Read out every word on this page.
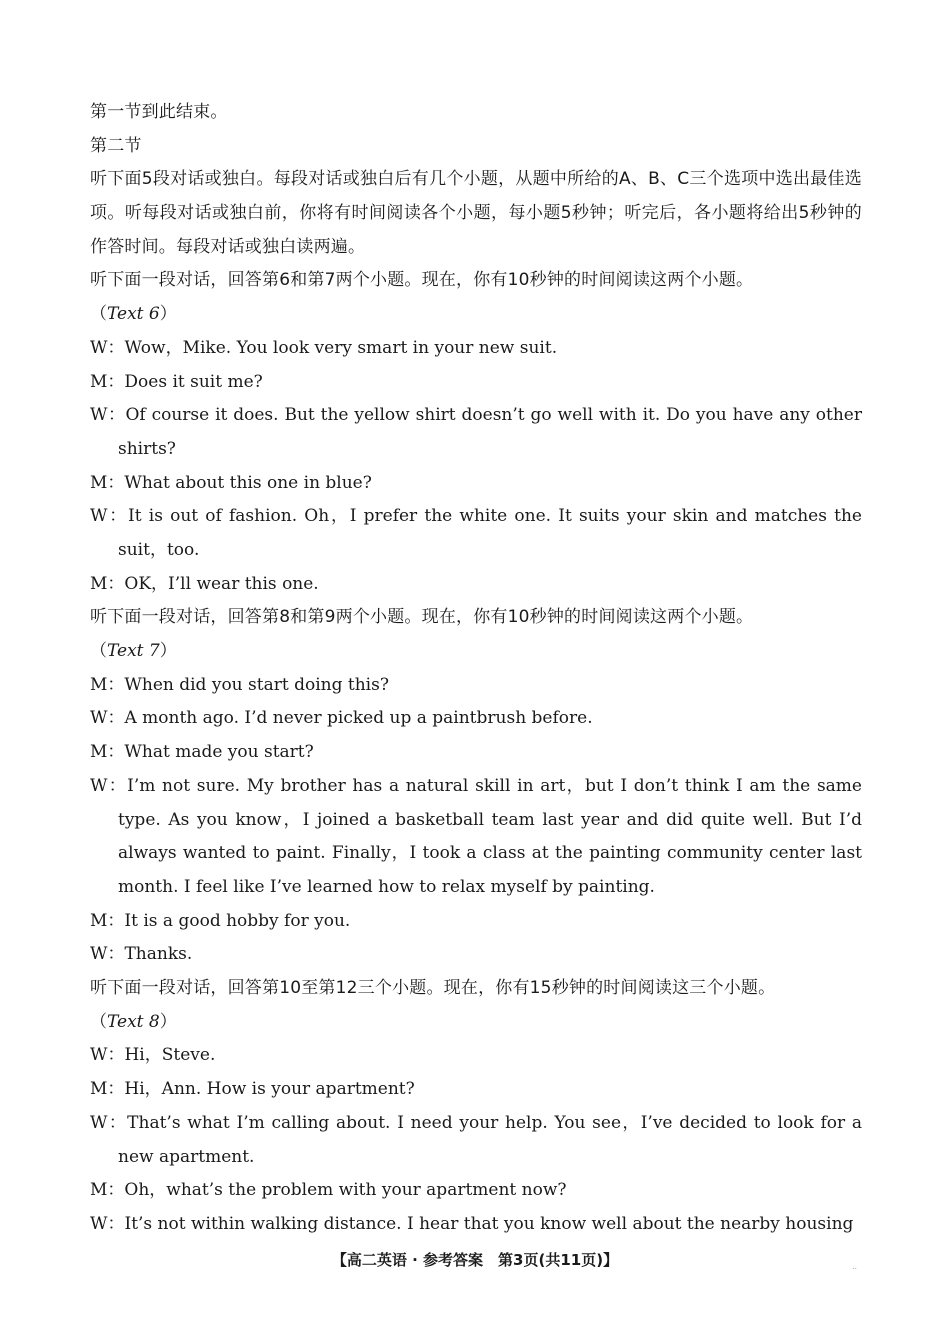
第一节到此结束。
第二节
听下面5段对话或独白。每段对话或独白后有几个小题，从题中所给的A、B、C三个选项中选出最佳选项。听每段对话或独白前，你将有时间阅读各个小题，每小题5秒钟；听完后，各小题将给出5秒钟的作答时间。每段对话或独白读两遍。
听下面一段对话，回答第6和第7两个小题。现在，你有10秒钟的时间阅读这两个小题。
（Text 6）
W：Wow，Mike. You look very smart in your new suit.
M：Does it suit me?
W：Of course it does. But the yellow shirt doesn’t go well with it. Do you have any other shirts?
M：What about this one in blue?
W：It is out of fashion. Oh，I prefer the white one. It suits your skin and matches the suit，too.
M：OK，I’ll wear this one.
听下面一段对话，回答第8和第9两个小题。现在，你有10秒钟的时间阅读这两个小题。
（Text 7）
M：When did you start doing this?
W：A month ago. I’d never picked up a paintbrush before.
M：What made you start?
W：I’m not sure. My brother has a natural skill in art，but I don’t think I am the same type. As you know，I joined a basketball team last year and did quite well. But I’d always wanted to paint. Finally，I took a class at the painting community center last month. I feel like I’ve learned how to relax myself by painting.
M：It is a good hobby for you.
W：Thanks.
听下面一段对话，回答第10至第12三个小题。现在，你有15秒钟的时间阅读这三个小题。
（Text 8）
W：Hi，Steve.
M：Hi，Ann. How is your apartment?
W：That’s what I’m calling about. I need your help. You see，I’ve decided to look for a new apartment.
M：Oh，what’s the problem with your apartment now?
W：It’s not within walking distance. I hear that you know well about the nearby housing
【高二英语 · 参考答案　第3页(共11页)】	..
